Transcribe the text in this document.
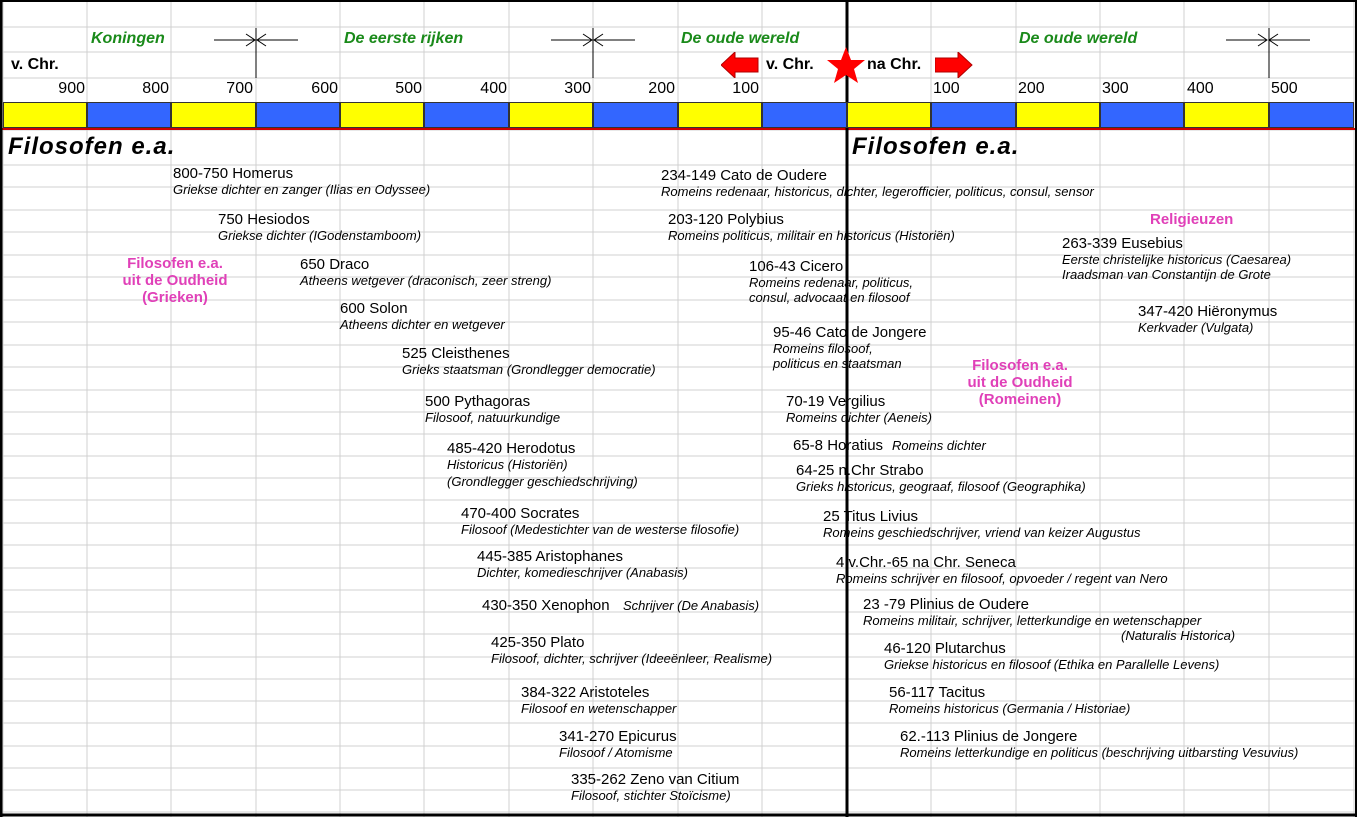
Koningen	De eerste rijken	De oude wereld	De oude wereld
v. Chr.	v. Chr.	na Chr.
900	800	700	600	500	400	300	200	100	100	200	300	400	500
Filosofen e.a.	Filosofen e.a.
Filosofen e.a.
uit de Oudheid
(Grieken)
Filosofen e.a.
uit de Oudheid
(Romeinen)
Religieuzen
800-750 Homerus
Griekse dichter en zanger (Ilias en Odyssee)
750 Hesiodos
Griekse dichter (IGodenstamboom)
650 Draco
Atheens wetgever (draconisch, zeer streng)
600 Solon
Atheens dichter en wetgever
525 Cleisthenes
Grieks staatsman (Grondlegger democratie)
500 Pythagoras
Filosoof, natuurkundige
485-420 Herodotus
Historicus (Historiën)
(Grondlegger geschiedschrijving)
470-400 Socrates
Filosoof (Medestichter van de westerse filosofie)
445-385 Aristophanes
Dichter, komedieschrijver (Anabasis)
430-350 Xenophon Schrijver (De Anabasis)
425-350 Plato
Filosoof, dichter, schrijver (Ideeënleer, Realisme)
384-322 Aristoteles
Filosoof en wetenschapper
341-270 Epicurus
Filosoof / Atomisme
335-262 Zeno van Citium
Filosoof, stichter Stoïcisme)
234-149 Cato de Oudere
Romeins redenaar, historicus, dichter, legerofficier, politicus, consul, sensor
203-120 Polybius
Romeins politicus, militair en historicus (Historiën)
106-43 Cicero
Romeins redenaar, politicus,
consul, advocaat en filosoof
95-46 Cato de Jongere
Romeins filosoof,
politicus en staatsman
70-19 Vergilius
Romeins dichter (Aeneis)
65-8 Horatius Romeins dichter
64-25 n.Chr Strabo
Grieks historicus, geograaf, filosoof (Geographika)
25 Titus Livius
Romeins geschiedschrijver, vriend van keizer Augustus
4 v.Chr.-65 na Chr. Seneca
Romeins schrijver en filosoof, opvoeder / regent van Nero
263-339 Eusebius
Eerste christelijke historicus (Caesarea)
Iraadsman van Constantijn de Grote
347-420 Hiëronymus
Kerkvader (Vulgata)
23 -79 Plinius de Oudere
Romeins militair, schrijver, letterkundige en wetenschapper
(Naturalis Historica)
46-120 Plutarchus
Griekse historicus en filosoof (Ethika en Parallelle Levens)
56-117 Tacitus
Romeins historicus (Germania / Historiae)
62.-113 Plinius de Jongere
Romeins letterkundige en politicus (beschrijving uitbarsting Vesuvius)
